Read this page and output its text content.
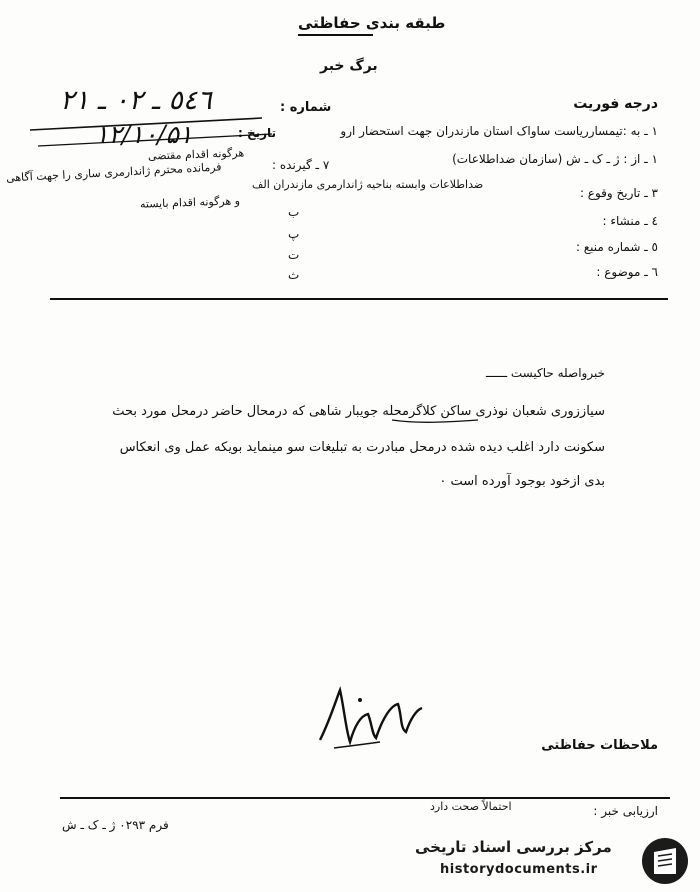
طبقه بندی حفاظتی
برگ خبر
٥٤٦ ـ ۰۲ ـ ۲۱
۱۲/۱۰/۵۱
درجه فوریت
شماره :
تاریخ :	۱ ـ به :تیمسارریاست ساواک استان مازندران جهت استحضار ارو
۱ ـ از : ژ ـ ک ـ ش (سازمان ضداطلاعات)
۳ ـ تاریخ وقوع :
٤ ـ منشاء :
٥ ـ شماره منبع :
٦ ـ موضوع :
۷ ـ گیرنده :
ضداطلاعات وابسته بناحیه ژاندارمری مازندران الف
ب
پ
ت
ث
هرگونه اقدام مقتضی
فرمانده محترم ژاندارمری ساری را جهت آگاهی
و هرگونه اقدام بایسته
خبرواصله حاکیست ــــــ
سیاززوری شعبان نوذری ساکن کلاگرمحله جویبار شاهی که درمحال حاضر درمحل مورد بحث
سکونت دارد اغلب دیده شده درمحل مبادرت به تبلیغات سو مینماید بویکه عمل وی انعکاس
بدی ازخود بوجود آورده است ٠
ملاحظات حفاظتی
ارزیابی خبر :
احتمالاً صحت دارد
فرم ۰۲۹۳ ژ ـ ک ـ ش
مرکز بررسی اسناد تاریخی
historydocuments.ir
